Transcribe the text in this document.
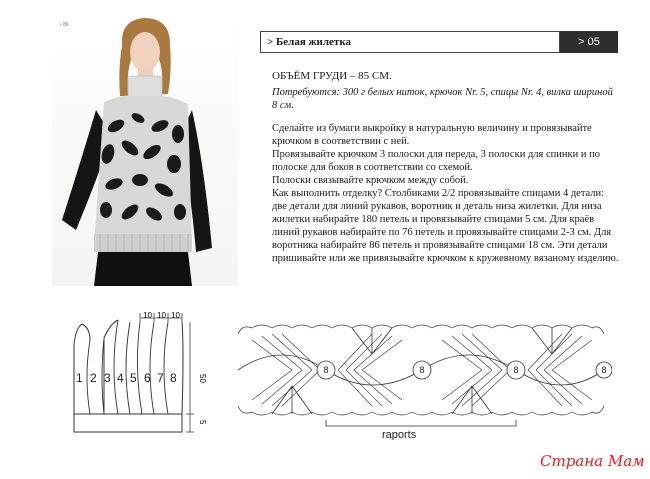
• 86
> Белая жилетка	> 05
ОБЪЁМ ГРУДИ – 85 СМ.
Потребуются: 300 г белых ниток, крючок Nr. 5, спицы Nr. 4, вилка шириной 8 см.

Сделайте из бумаги выкройку в натуральную величину и провязывайте крючком в соответствии с ней.

Провязывайте крючком 3 полоски для переда, 3 полоски для спинки и по полоске для боков в соответствии со схемой.

Полоски связывайте крючком между собой.

Как выполнить отделку? Столбиками 2/2 провязывайте спицами 4 детали: две детали для линий рукавов, воротник и деталь низа жилетки. Для низа жилетки набирайте 180 петель и провязывайте спицами 5 см. Для краёв линий рукавов набирайте по 76 петель и провязывайте спицами 2-3 см. Для воротника набирайте 86 петель и провязывайте спицами 18 см. Эти детали пришивайте или же привязывайте крючком к кружевному вязаному изделию.

10 10 10
1 2 3 4 5 6 7 8	50
5
8	8	8	8
raports
Страна Мам
